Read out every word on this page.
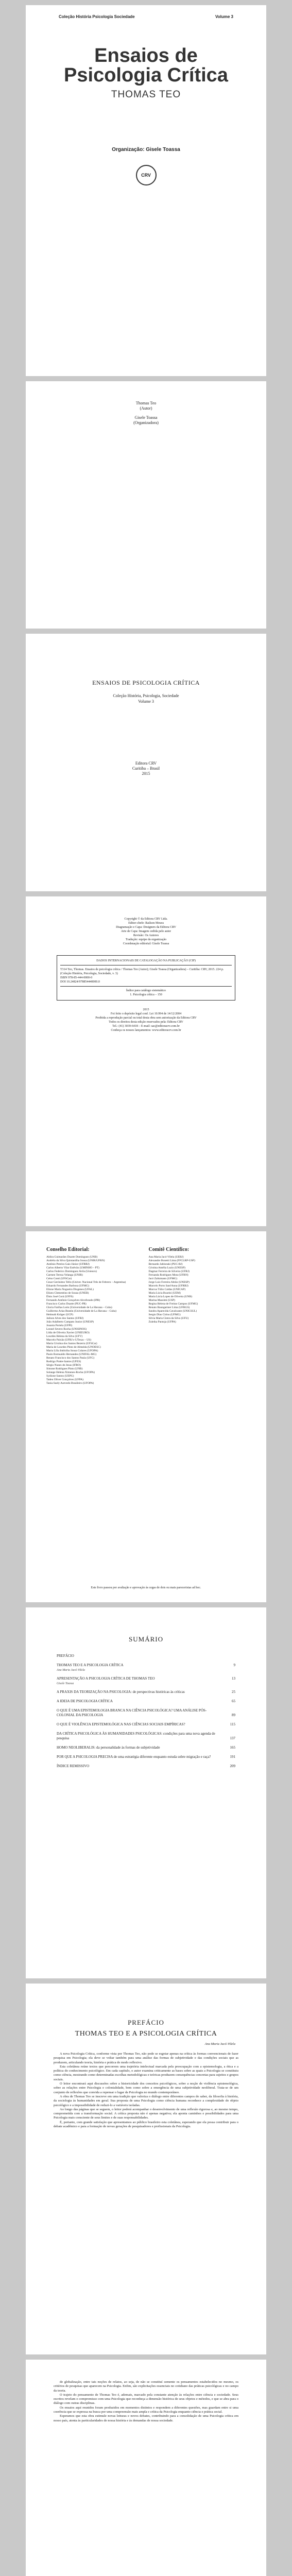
Coleção História Psicologia Sociedade	Volume 3
Ensaios de
Psicologia Crítica
THOMAS TEO
Organização: Gisele Toassa
CRV
Thomas Teo
(Autor)
Gisele Toassa
(Organizadora)
ENSAIOS DE PSICOLOGIA CRÍTICA
Coleção História, Psicologia, Sociedade
Volume 3
Editora CRV
Curitiba – Brasil
2015
Copyright © da Editora CRV Ltda.
Editor-chefe: Railson Moura
Diagramação e Capa: Designers da Editora CRV
Arte de Capa: Imagem cedida pelo autor
Revisão: Os Autores
Tradução: equipe da organização
Coordenação editorial: Gisele Toassa
DADOS INTERNACIONAIS DE CATALOGAÇÃO NA PUBLICAÇÃO (CIP)
T314 Teo, Thomas. Ensaios de psicologia crítica / Thomas Teo (Autor); Gisele Toassa (Organizadora) – Curitiba: CRV, 2015. 224 p. (Coleção História, Psicologia, Sociedade, v. 3)
ISBN 978-85-444-0000-0
DOI 10.24824/978854440000.0
Índice para catálogo sistemático
1. Psicologia crítica – 150
2015
Foi feito o depósito legal conf. Lei 10.994 de 14/12/2004
Proibida a reprodução parcial ou total desta obra sem autorização da Editora CRV
Todos os direitos desta edição reservados pela: Editora CRV
Tel.: (41) 3039-6418 – E-mail: sac@editoracrv.com.br
Conheça os nossos lançamentos: www.editoracrv.com.br
Conselho Editorial:
Aldira Guimarães Duarte Domínguez (UNB)
Andréia da Silva Quintanilha Sousa (UNIR/UFRN)
Antônio Pereira Gaio Júnior (UFRRJ)
Carlos Alberto Vilar Estêvão (UMINHO – PT)
Carlos Federico Dominguez Avila (Unieuro)
Carmen Tereza Velanga (UNIR)
Celso Conti (UFSCar)
Cesar Gerónimo Tello (Univer. Nacional Três de Febrero – Argentina)
Eduardo Fernandes Barbosa (UFMG)
Elione Maria Nogueira Diogenes (UFAL)
Elizeu Clementino de Souza (UNEB)
Élsio José Corá (UFFS)
Fernando Antônio Gonçalves Alcoforado (IPB)
Francisco Carlos Duarte (PUC-PR)
Gloria Fariñas León (Universidade de La Havana – Cuba)
Guillermo Arias Beatón (Universidade de La Havana – Cuba)
Helmuth Krüger (UCP)
Jailson Alves dos Santos (UFRJ)
João Adalberto Campato Junior (UNESP)
Josania Portela (UFPI)
Leonel Severo Rocha (UNISINOS)
Lídia de Oliveira Xavier (UNIEURO)
Lourdes Helena da Silva (UFV)
Marcelo Paixão (UFRJ e UTexas – US)
Maria Cristina dos Santos Bezerra (UFSCar)
Maria de Lourdes Pinto de Almeida (UNOESC)
Maria Lília Imbiriba Sousa Colares (UFOPA)
Paulo Romualdo Hernandes (UNIFAL-MG)
Renato Francisco dos Santos Paula (UFG)
Rodrigo Pratte-Santos (UFES)
Sérgio Nunes de Jesus (IFRO)
Simone Rodrigues Pinto (UNB)
Solange Helena Ximenes-Rocha (UFOPA)
Sydione Santos (UEPG)
Tadeu Oliver Gonçalves (UFPA)
Tania Suely Azevedo Brasileiro (UFOPA)
Comitê Científico:
Ana Maria Jacó-Vilela (UERJ)
Alexandre Bonetti Lima (FFCLRP-USP)
Bernardo Jablonski (PUC-RJ)
Cristina Amélia Luzio (UNESP)
Dagmar Ferreira de Silveira (UFRJ)
Fernanda Rodrigues Mota (UFRN)
Jacó Zaltzmann (UFMG)
Jorge Luiz Ferreira Abrão (UNESP)
Marcelo Porto Sant'Anna (UFRRJ)
Marcus Túlio Caldas (UNICAP)
Maria Lúcia Boarini (UEM)
Maria Lúcia Lopes de Oliveira (UNB)
Marina Massimi (USP)
Regina Helena de Freitas Campos (UFMG)
Renato Baungartner Lima (UFRGS)
Sandra Aparecida Cavalcante (UNICSUL)
Sergio Dias Cirino (UFMG)
Silvia Maria Cintra da Silva (UFU)
Zuleika Pantoja (UFPA)
Este livro passou por avaliação e aprovação às cegas de dois ou mais pareceristas ad hoc.
SUMÁRIO
PREFÁCIO
THOMAS TEO E A PSICOLOGIA CRÍTICA	9
Ana Maria Jacó-Vilela
APRESENTAÇÃO A PSICOLOGIA CRÍTICA DE THOMAS TEO	13
Gisele Toassa
A PRAXIS DA TEORIZAÇÃO NA PSICOLOGIA: de perspectivas históricas às críticas	25
A IDEIA DE PSICOLOGIA CRÍTICA	65
O QUE É UMA EPISTEMOLOGIA BRANCA NA CIÊNCIA PSICOLÓGICA? UMA ANÁLISE PÓS-COLONIAL DA PSICOLOGIA	89
O QUE É VIOLÊNCIA EPISTEMOLÓGICA NAS CIÊNCIAS SOCIAIS EMPÍRICAS?	115
DA CRÍTICA PSICOLÓGICA ÀS HUMANIDADES PSICOLÓGICAS: condições para uma nova agenda de pesquisa	137
HOMO NEOLIBERALIS: da personalidade às formas de subjetividade	165
POR QUE A PSICOLOGIA PRECISA de uma estratégia diferente enquanto estuda sobre migração e raça?	191
ÍNDICE REMISSIVO	209
PREFÁCIO
THOMAS TEO E A PSICOLOGIA CRÍTICA
Ana Maria Jacó-Vilela

A nova Psicologia Crítica, conforme vista por Thomas Teo, não pode se esgotar apenas na crítica às formas convencionais de fazer pesquisa em Psicologia; ela deve se voltar também para uma análise das formas de subjetividade e das condições sociais que as produzem, articulando teoria, história e prática de modo reflexivo.

Esta coletânea reúne textos que percorrem uma trajetória intelectual marcada pela preocupação com a epistemologia, a ética e a política do conhecimento psicológico. Em cada capítulo, o autor examina criticamente as bases sobre as quais a Psicologia se constituiu como ciência, mostrando como determinadas escolhas metodológicas e teóricas produzem consequências concretas para sujeitos e grupos sociais.

O leitor encontrará aqui discussões sobre a historicidade dos conceitos psicológicos, sobre a noção de violência epistemológica, sobre as relações entre Psicologia e colonialidade, bem como sobre a emergência de uma subjetividade neoliberal. Trata-se de um conjunto de reflexões que convida a repensar o lugar da Psicologia no mundo contemporâneo.

A obra de Thomas Teo se inscreve em uma tradição que valoriza o diálogo entre diferentes campos do saber, da filosofia à história, da sociologia às humanidades em geral. Sua proposta de uma Psicologia como ciência humana reconhece a complexidade do objeto psicológico e a impossibilidade de reduzi-lo a variáveis isoladas.

Ao longo das páginas que se seguem, o leitor poderá acompanhar o desenvolvimento de uma reflexão rigorosa e, ao mesmo tempo, comprometida com a transformação social. A crítica proposta não é apenas negativa; ela aponta caminhos e possibilidades para uma Psicologia mais consciente de seus limites e de suas responsabilidades.

É, portanto, com grande satisfação que apresentamos ao público brasileiro esta coletânea, esperando que ela possa contribuir para o debate acadêmico e para a formação de novas gerações de pesquisadores e profissionais da Psicologia.

de globalização, entre tais noções de relatos, ao seja, de não se constituí somente os pensamentos estabelecidos no mesmo, os critérios de pesquisas que aparecem na Psicologia. Enfim, são explicitações essenciais no cotidiano das práticas psicológicas e no campo da teoria.

O trajeto do pensamento de Thomas Teo é, ademais, marcado pela constante atenção às relações entre ciência e sociedade. Seus escritos revelam o compromisso com uma Psicologia que reconheça a dimensão histórica de seus objetos e métodos, e que se abra para o diálogo com outras disciplinas.

Os ensaios aqui reunidos foram produzidos em momentos distintos e respondem a diferentes questões, mas guardam entre si uma coerência que se expressa na busca por uma compreensão mais ampla e crítica da Psicologia enquanto ciência e prática social.

Esperamos que esta obra estimule novas leituras e novos debates, contribuindo para a consolidação de uma Psicologia crítica em nosso país, atenta às particularidades de nossa história e às demandas de nossa sociedade.
